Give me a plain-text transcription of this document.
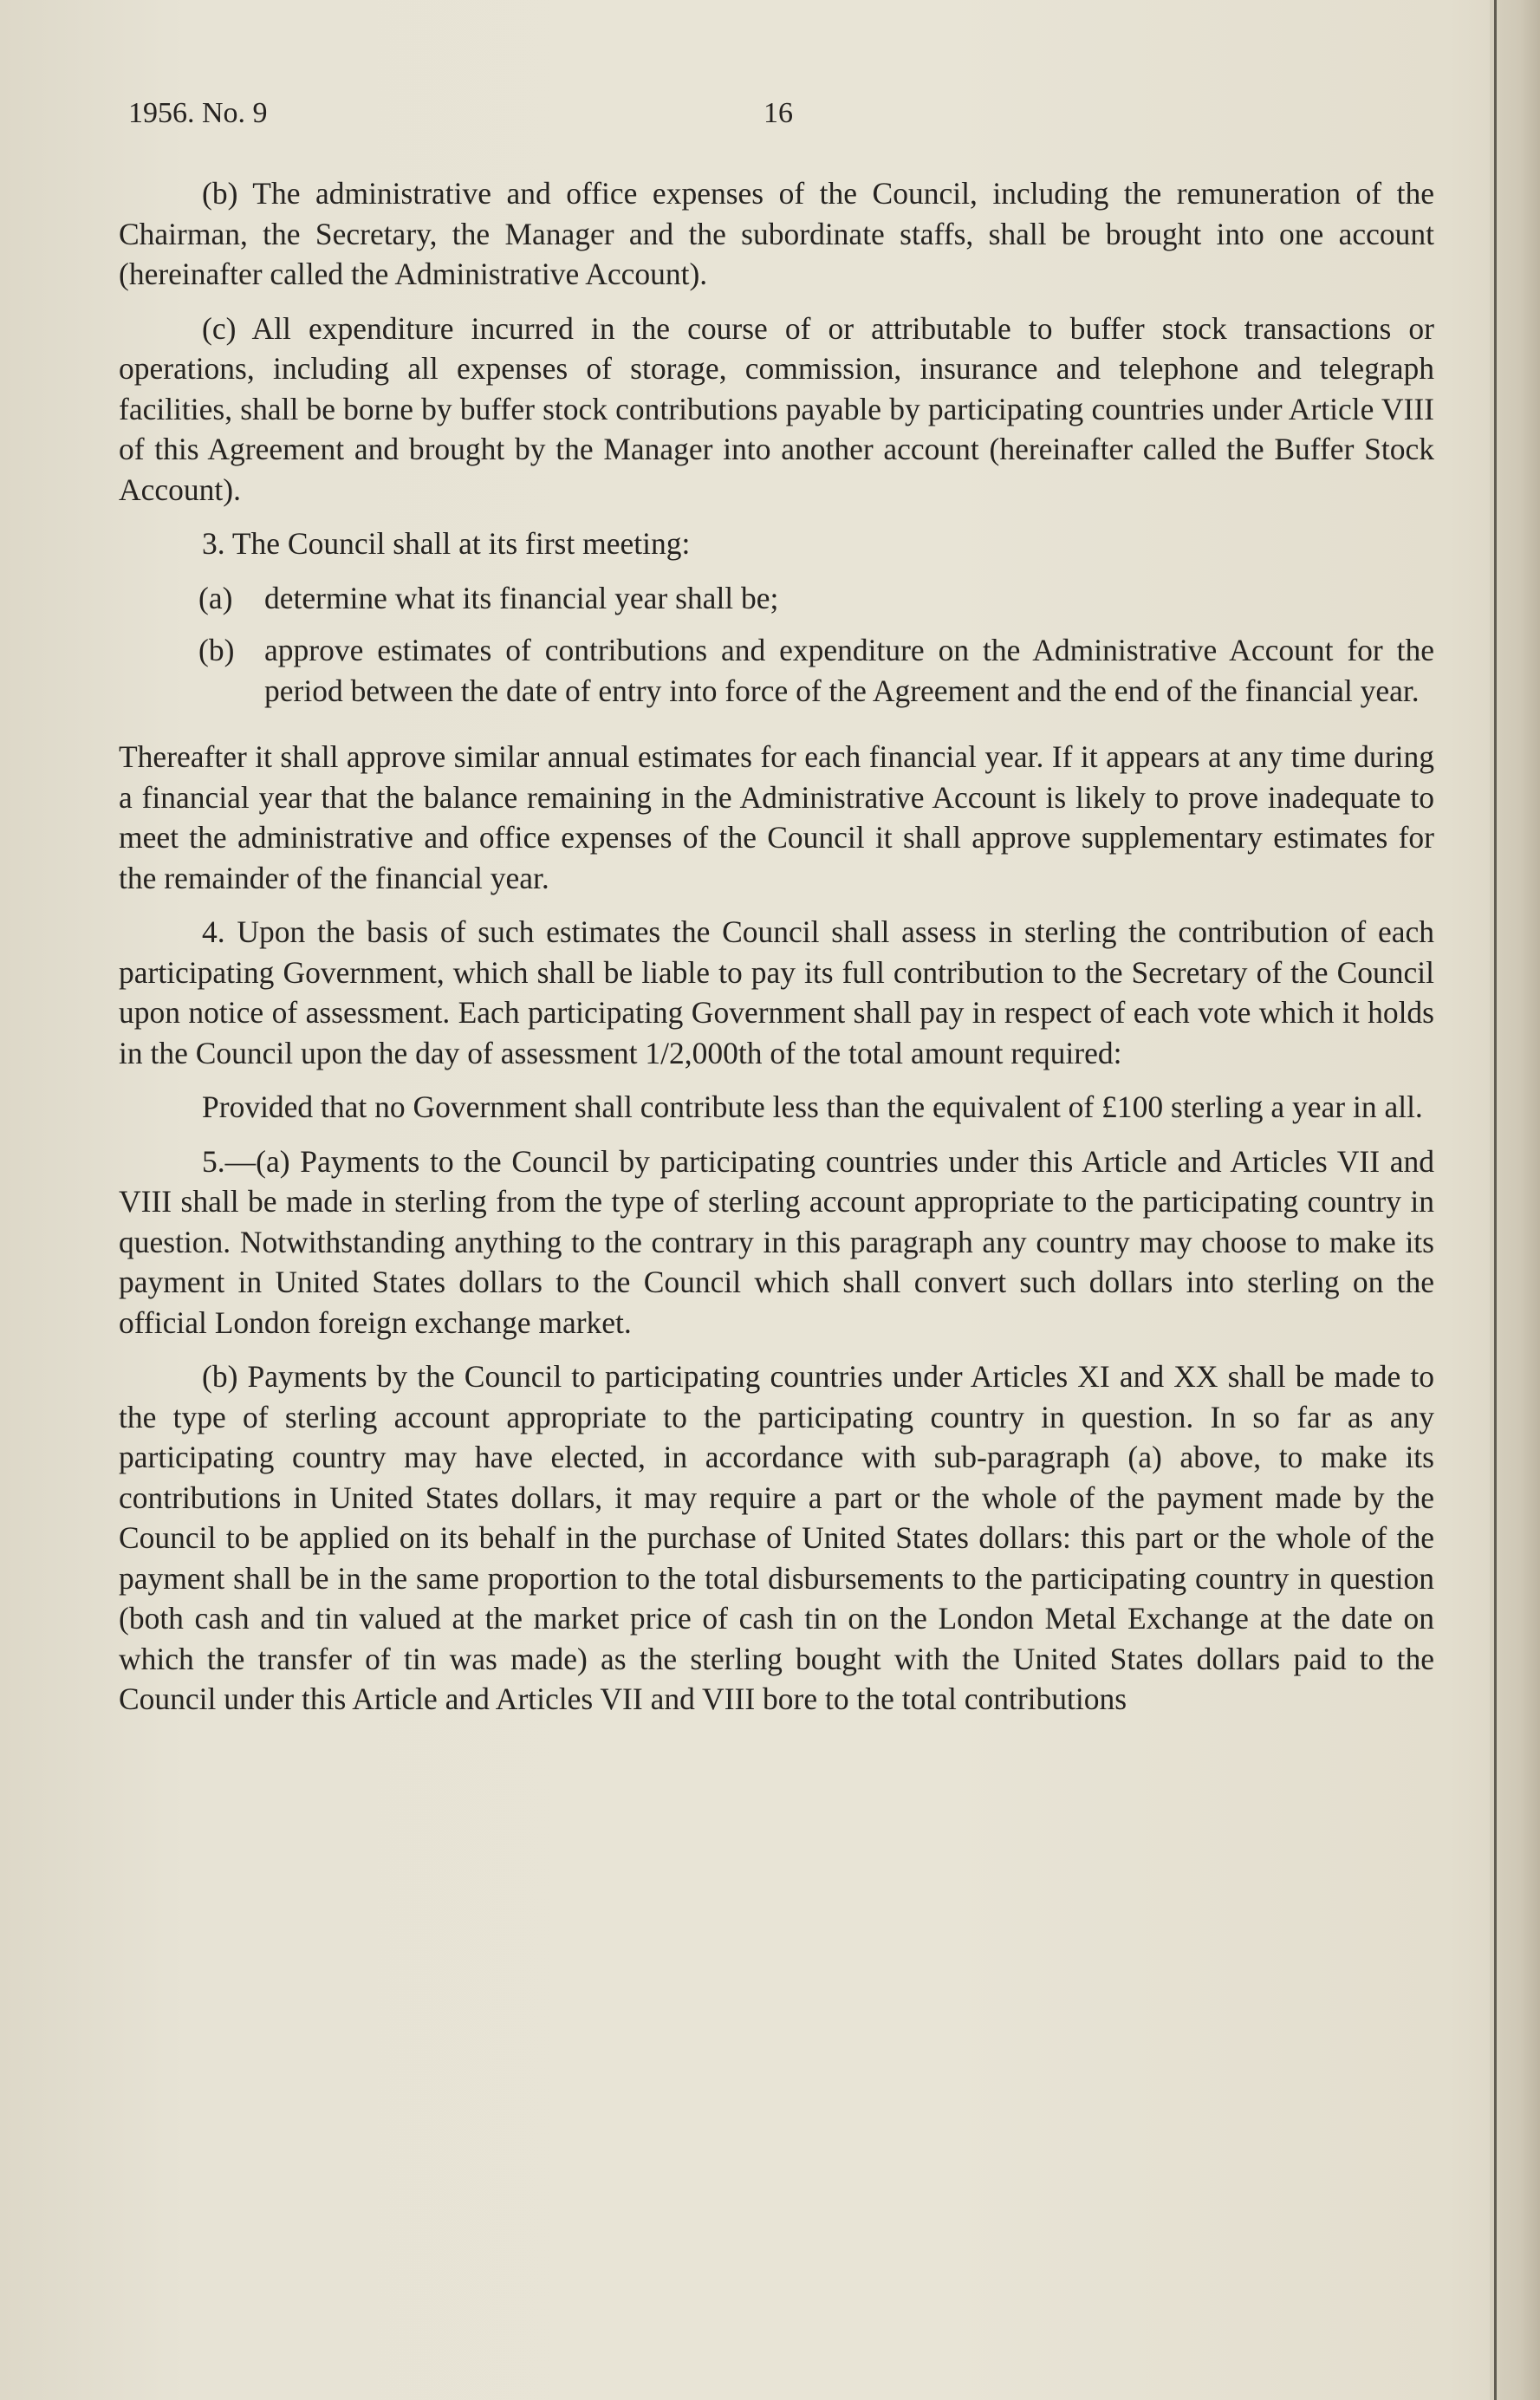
1956. No. 9	16

(b) The administrative and office expenses of the Council, including the remuneration of the Chairman, the Secretary, the Manager and the subordinate staffs, shall be brought into one account (hereinafter called the Administrative Account).

(c) All expenditure incurred in the course of or attributable to buffer stock transactions or operations, including all expenses of storage, commission, insurance and telephone and telegraph facilities, shall be borne by buffer stock contributions payable by participating countries under Article VIII of this Agreement and brought by the Manager into another account (hereinafter called the Buffer Stock Account).

3. The Council shall at its first meeting:

(a) determine what its financial year shall be;
(b) approve estimates of contributions and expenditure on the Administrative Account for the period between the date of entry into force of the Agreement and the end of the financial year.

Thereafter it shall approve similar annual estimates for each financial year. If it appears at any time during a financial year that the balance remaining in the Administrative Account is likely to prove inadequate to meet the administrative and office expenses of the Council it shall approve supplementary estimates for the remainder of the financial year.

4. Upon the basis of such estimates the Council shall assess in sterling the contribution of each participating Government, which shall be liable to pay its full contribution to the Secretary of the Council upon notice of assessment. Each participating Government shall pay in respect of each vote which it holds in the Council upon the day of assessment 1/2,000th of the total amount required:

Provided that no Government shall contribute less than the equivalent of £100 sterling a year in all.

5.—(a) Payments to the Council by participating countries under this Article and Articles VII and VIII shall be made in sterling from the type of sterling account appropriate to the participating country in question. Notwithstanding anything to the contrary in this paragraph any country may choose to make its payment in United States dollars to the Council which shall convert such dollars into sterling on the official London foreign exchange market.

(b) Payments by the Council to participating countries under Articles XI and XX shall be made to the type of sterling account appropriate to the participating country in question. In so far as any participating country may have elected, in accordance with sub-paragraph (a) above, to make its contributions in United States dollars, it may require a part or the whole of the payment made by the Council to be applied on its behalf in the purchase of United States dollars: this part or the whole of the payment shall be in the same proportion to the total disbursements to the participating country in question (both cash and tin valued at the market price of cash tin on the London Metal Exchange at the date on which the transfer of tin was made) as the sterling bought with the United States dollars paid to the Council under this Article and Articles VII and VIII bore to the total contributions
